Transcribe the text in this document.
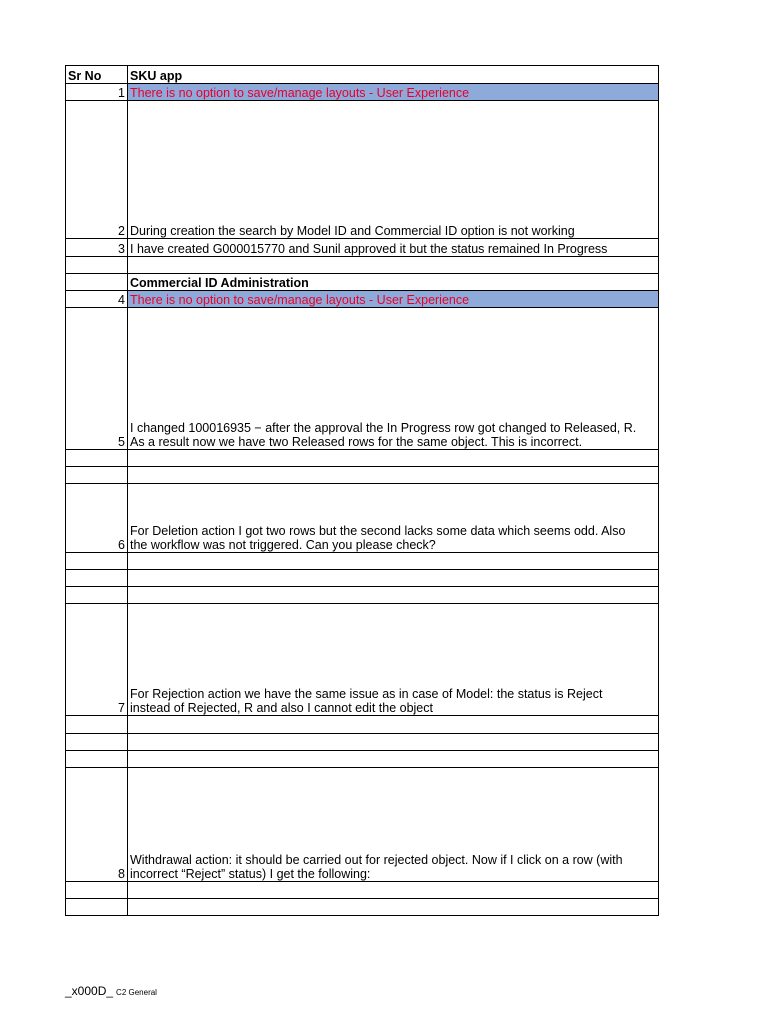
Sr No	SKU app
1	There is no option to save/manage layouts - User Experience
2	During creation the search by Model ID and Commercial ID option is not working
3	I have created G000015770 and Sunil approved it but the status remained In Progress

	Commercial ID Administration
4	There is no option to save/manage layouts - User Experience
5	I changed 100016935 − after the approval the In Progress row got changed to Released, R.
As a result now we have two Released rows for the same object. This is incorrect.

6	For Deletion action I got two rows but the second lacks some data which seems odd. Also
the workflow was not triggered. Can you please check?

7	For Rejection action we have the same issue as in case of Model: the status is Reject
instead of Rejected, R and also I cannot edit the object

8	Withdrawal action: it should be carried out for rejected object. Now if I click on a row (with
incorrect “Reject” status) I get the following:

_x000D_ C2 General
